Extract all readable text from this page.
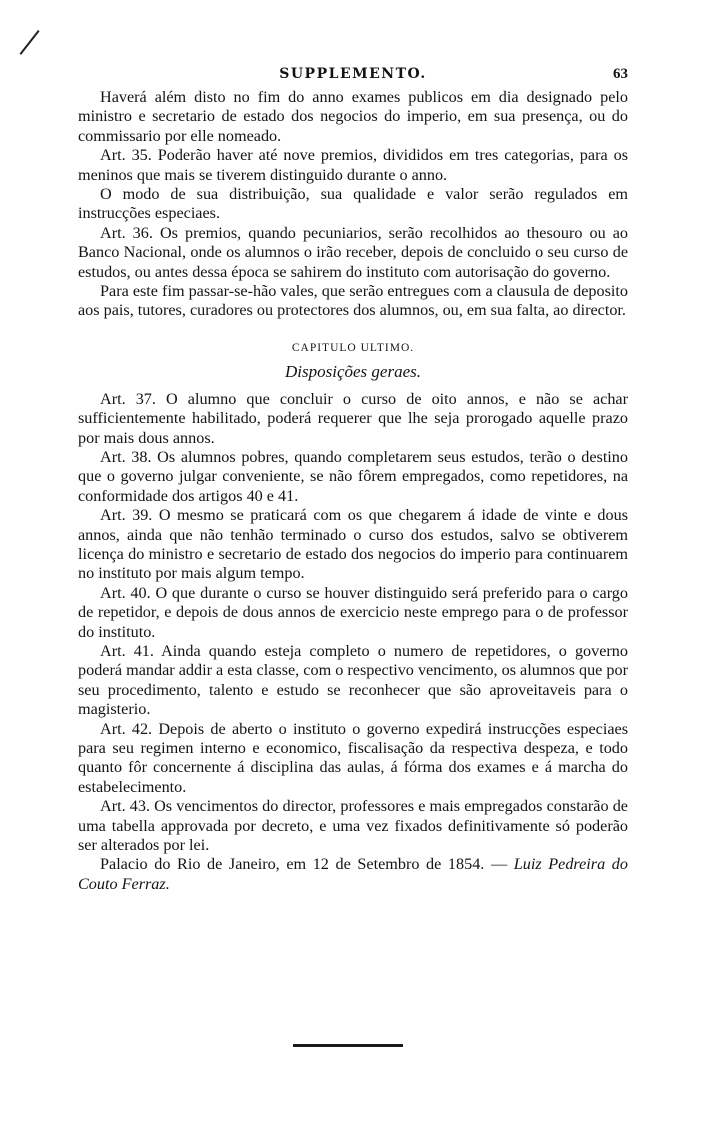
SUPPLEMENTO.	63

Haverá além disto no fim do anno exames publicos em dia designado pelo ministro e secretario de estado dos negocios do imperio, em sua presença, ou do commissario por elle nomeado.

Art. 35. Poderão haver até nove premios, divididos em tres categorias, para os meninos que mais se tiverem distinguido durante o anno.

O modo de sua distribuição, sua qualidade e valor serão regulados em instrucções especiaes.

Art. 36. Os premios, quando pecuniarios, serão recolhidos ao thesouro ou ao Banco Nacional, onde os alumnos o irão receber, depois de concluido o seu curso de estudos, ou antes dessa época se sahirem do instituto com autorisação do governo.

Para este fim passar-se-hão vales, que serão entregues com a clausula de deposito aos pais, tutores, curadores ou protectores dos alumnos, ou, em sua falta, ao director.

CAPITULO ULTIMO.
Disposições geraes.

Art. 37. O alumno que concluir o curso de oito annos, e não se achar sufficientemente habilitado, poderá requerer que lhe seja prorogado aquelle prazo por mais dous annos.

Art. 38. Os alumnos pobres, quando completarem seus estudos, terão o destino que o governo julgar conveniente, se não fôrem empregados, como repetidores, na conformidade dos artigos 40 e 41.

Art. 39. O mesmo se praticará com os que chegarem á idade de vinte e dous annos, ainda que não tenhão terminado o curso dos estudos, salvo se obtiverem licença do ministro e secretario de estado dos negocios do imperio para continuarem no instituto por mais algum tempo.

Art. 40. O que durante o curso se houver distinguido será preferido para o cargo de repetidor, e depois de dous annos de exercicio neste emprego para o de professor do instituto.

Art. 41. Ainda quando esteja completo o numero de repetidores, o governo poderá mandar addir a esta classe, com o respectivo vencimento, os alumnos que por seu procedimento, talento e estudo se reconhecer que são aproveitaveis para o magisterio.

Art. 42. Depois de aberto o instituto o governo expedirá instrucções especiaes para seu regimen interno e economico, fiscalisação da respectiva despeza, e todo quanto fôr concernente á disciplina das aulas, á fórma dos exames e á marcha do estabelecimento.

Art. 43. Os vencimentos do director, professores e mais empregados constarão de uma tabella approvada por decreto, e uma vez fixados definitivamente só poderão ser alterados por lei.

Palacio do Rio de Janeiro, em 12 de Setembro de 1854. — Luiz Pedreira do Couto Ferraz.
